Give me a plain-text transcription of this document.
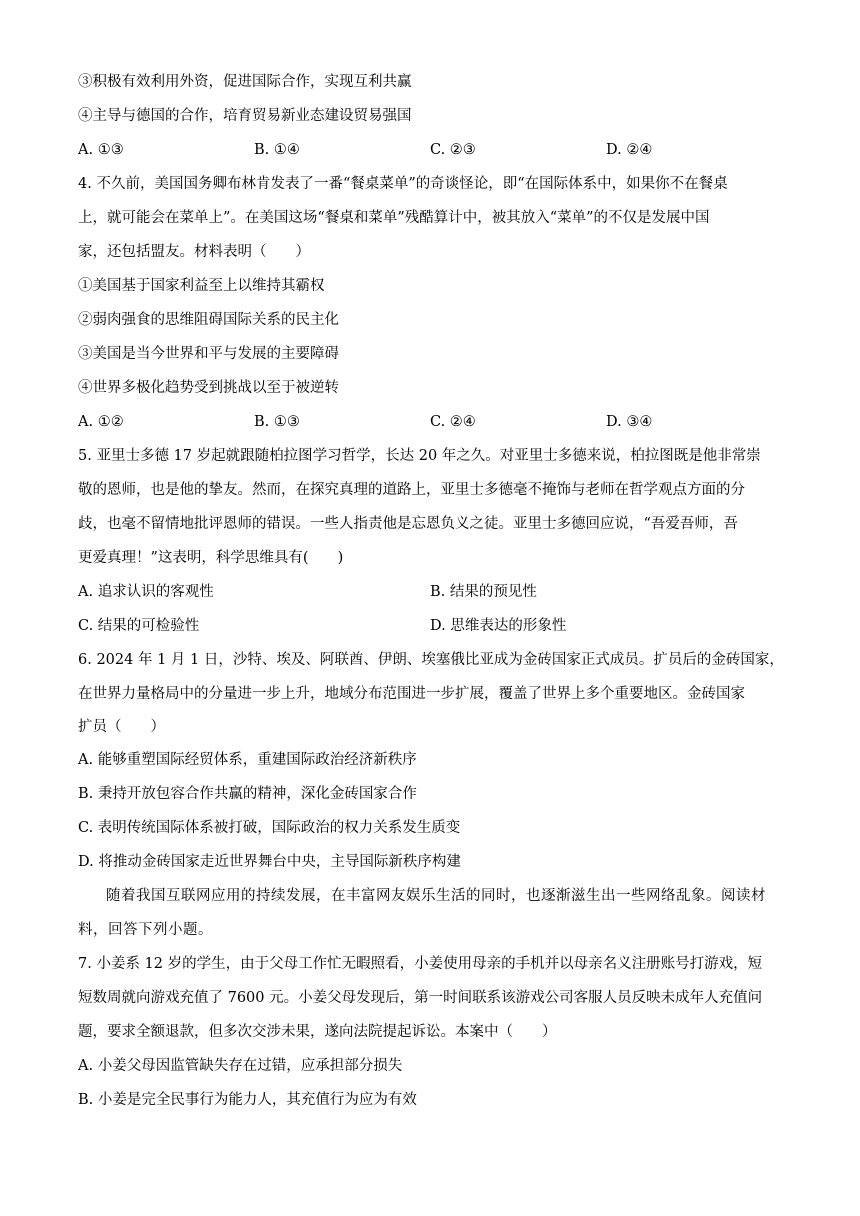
③积极有效利用外资，促进国际合作，实现互利共赢
④主导与德国的合作，培育贸易新业态建设贸易强国
A. ①③	B. ①④	C. ②③	D. ②④
4. 不久前，美国国务卿布林肯发表了一番“餐桌菜单”的奇谈怪论，即“在国际体系中，如果你不在餐桌
上，就可能会在菜单上”。在美国这场“餐桌和菜单”残酷算计中，被其放入“菜单”的不仅是发展中国
家，还包括盟友。材料表明（　　）
①美国基于国家利益至上以维持其霸权
②弱肉强食的思维阻碍国际关系的民主化
③美国是当今世界和平与发展的主要障碍
④世界多极化趋势受到挑战以至于被逆转
A. ①②	B. ①③	C. ②④	D. ③④
5. 亚里士多德 17 岁起就跟随柏拉图学习哲学，长达 20 年之久。对亚里士多德来说，柏拉图既是他非常崇
敬的恩师，也是他的挚友。然而，在探究真理的道路上，亚里士多德毫不掩饰与老师在哲学观点方面的分
歧，也毫不留情地批评恩师的错误。一些人指责他是忘恩负义之徒。亚里士多德回应说，“吾爱吾师，吾
更爱真理！”这表明，科学思维具有(　　)
A. 追求认识的客观性	B. 结果的预见性
C. 结果的可检验性	D. 思维表达的形象性
6. 2024 年 1 月 1 日，沙特、埃及、阿联酋、伊朗、埃塞俄比亚成为金砖国家正式成员。扩员后的金砖国家，
在世界力量格局中的分量进一步上升，地域分布范围进一步扩展，覆盖了世界上多个重要地区。金砖国家
扩员（　　）
A. 能够重塑国际经贸体系，重建国际政治经济新秩序
B. 秉持开放包容合作共赢的精神，深化金砖国家合作
C. 表明传统国际体系被打破，国际政治的权力关系发生质变
D. 将推动金砖国家走近世界舞台中央，主导国际新秩序构建
随着我国互联网应用的持续发展，在丰富网友娱乐生活的同时，也逐渐滋生出一些网络乱象。阅读材
料，回答下列小题。
7. 小姜系 12 岁的学生，由于父母工作忙无暇照看，小姜使用母亲的手机并以母亲名义注册账号打游戏，短
短数周就向游戏充值了 7600 元。小姜父母发现后，第一时间联系该游戏公司客服人员反映未成年人充值问
题，要求全额退款，但多次交涉未果，遂向法院提起诉讼。本案中（　　）
A. 小姜父母因监管缺失存在过错，应承担部分损失
B. 小姜是完全民事行为能力人，其充值行为应为有效
